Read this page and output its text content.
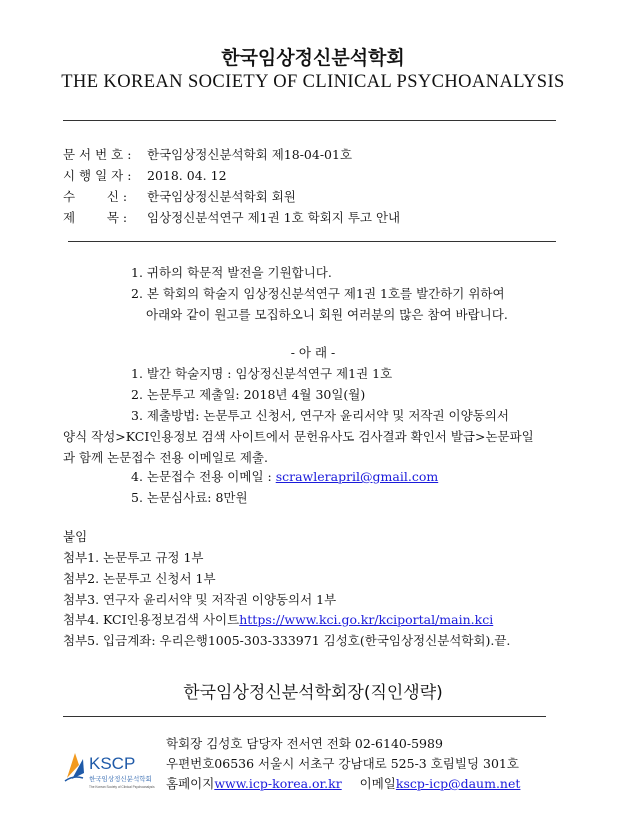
한국임상정신분석학회
THE KOREAN SOCIETY OF CLINICAL PSYCHOANALYSIS
문 서 번 호 : 한국임상정신분석학회 제18-04-01호
시 행 일 자 : 2018. 04. 12
수        신 : 한국임상정신분석학회 회원
제        목 : 임상정신분석연구 제1권 1호 학회지 투고 안내
1. 귀하의 학문적 발전을 기원합니다.
2. 본 학회의 학술지 임상정신분석연구 제1권 1호를 발간하기 위하여
아래와 같이 원고를 모집하오니 회원 여러분의 많은 참여 바랍니다.
- 아 래 -
1. 발간 학술지명 : 임상정신분석연구 제1권 1호
2. 논문투고 제출일: 2018년 4월 30일(월)
3. 제출방법: 논문투고 신청서, 연구자 윤리서약 및 저작권 이양동의서
양식 작성>KCI인용정보 검색 사이트에서 문헌유사도 검사결과 확인서 발급>논문파일
과 함께 논문접수 전용 이메일로 제출.
4. 논문접수 전용 이메일 : scrawlerapril@gmail.com
5. 논문심사료: 8만원
붙임
첨부1. 논문투고 규정 1부
첨부2. 논문투고 신청서 1부
첨부3. 연구자 윤리서약 및 저작권 이양동의서 1부
첨부4. KCI인용정보검색 사이트https://www.kci.go.kr/kciportal/main.kci
첨부5. 입금계좌: 우리은행1005-303-333971 김성호(한국임상정신분석학회).끝.
한국임상정신분석학회장(직인생략)
KSCP
한국임상정신분석학회
The Korean Society of Clinical Psychoanalysis
학회장 김성호 담당자 전서연 전화 02-6140-5989
우편번호06536 서울시 서초구 강남대로 525-3 호림빌딩 301호
홈페이지www.icp-korea.or.kr 이메일kscp-icp@daum.net
